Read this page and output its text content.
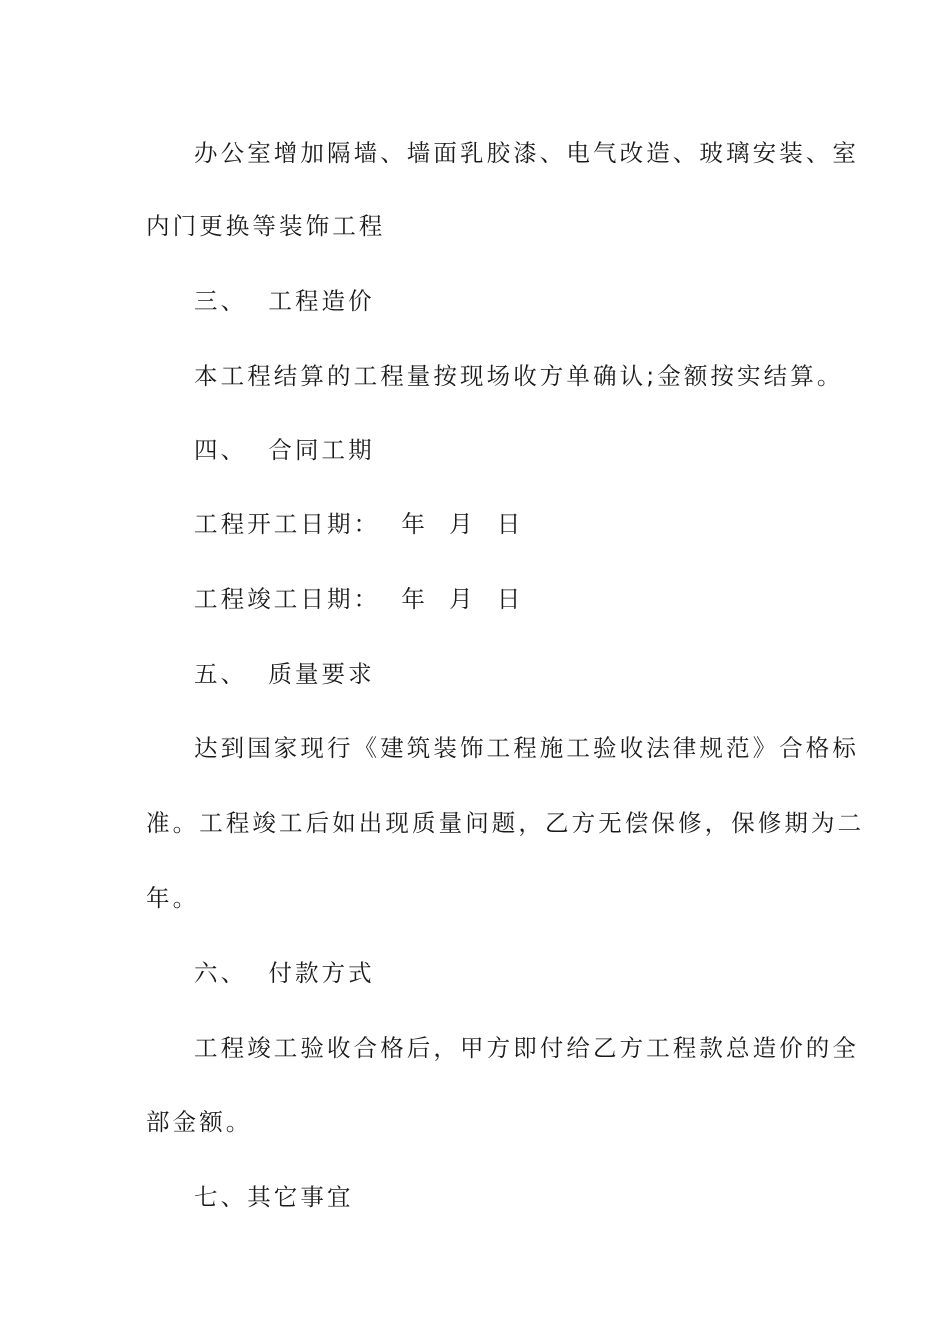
办公室增加隔墙、墙面乳胶漆、电气改造、玻璃安装、室
内门更换等装饰工程
三、  工程造价
本工程结算的工程量按现场收方单确认;金额按实结算。
四、  合同工期
工程开工日期：  年  月  日
工程竣工日期：  年  月  日
五、  质量要求
达到国家现行《建筑装饰工程施工验收法律规范》合格标
准。工程竣工后如出现质量问题，乙方无偿保修，保修期为二
年。
六、  付款方式
工程竣工验收合格后，甲方即付给乙方工程款总造价的全
部金额。
七、其它事宜
